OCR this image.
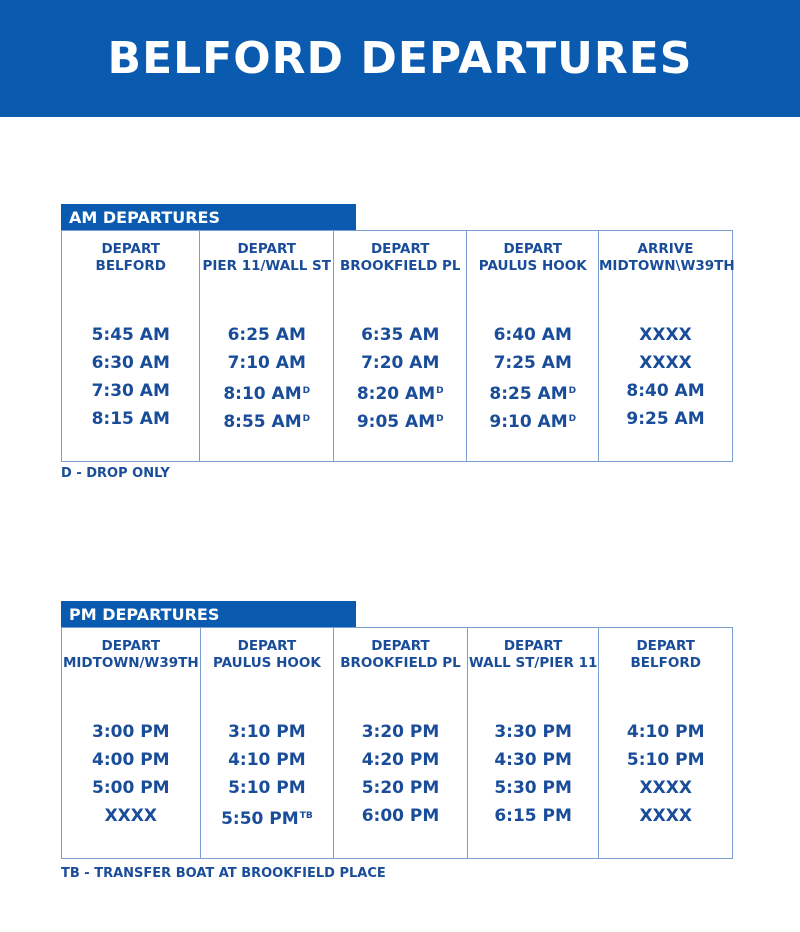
BELFORD DEPARTURES
AM DEPARTURES
DEPART
BELFORD
5:45 AM
6:30 AM
7:30 AM
8:15 AM
DEPART
PIER 11/WALL ST
6:25 AM
7:10 AM
8:10 $AM^D$
8:55 $AM^D$
DEPART
BROOKFIELD PL
6:35 AM
7:20 AM
8:20 $AM^D$
9:05 $AM^D$
DEPART
PAULUS HOOK
6:40 AM
7:25 AM
8:25 $AM^D$
9:10 $AM^D$
ARRIVE
MIDTOWN\W39TH
XXXX
XXXX
8:40 AM
9:25 AM
D - DROP ONLY
PM DEPARTURES
DEPART
MIDTOWN/W39TH
3:00 PM
4:00 PM
5:00 PM
XXXX
DEPART
PAULUS HOOK
3:10 PM
4:10 PM
5:10 PM
5:50 $PM^{TB}$
DEPART
BROOKFIELD PL
3:20 PM
4:20 PM
5:20 PM
6:00 PM
DEPART
WALL ST/PIER 11
3:30 PM
4:30 PM
5:30 PM
6:15 PM
DEPART
BELFORD
4:10 PM
5:10 PM
XXXX
XXXX
TB - TRANSFER BOAT AT BROOKFIELD PLACE
